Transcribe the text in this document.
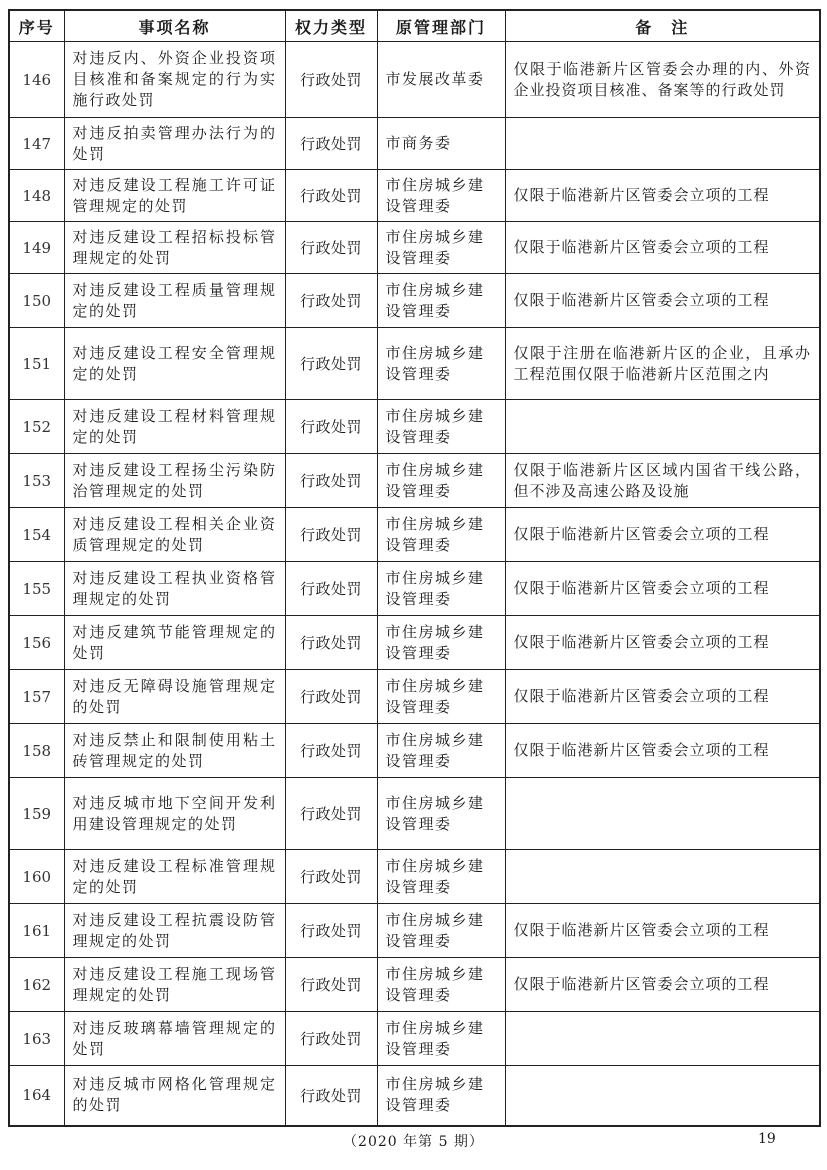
序号	事项名称	权力类型	原管理部门	备　注
146	对违反内、外资企业投资项目核准和备案规定的行为实施行政处罚	行政处罚	市发展改革委	仅限于临港新片区管委会办理的内、外资企业投资项目核准、备案等的行政处罚
147	对违反拍卖管理办法行为的处罚	行政处罚	市商务委	
148	对违反建设工程施工许可证管理规定的处罚	行政处罚	市住房城乡建设管理委	仅限于临港新片区管委会立项的工程
149	对违反建设工程招标投标管理规定的处罚	行政处罚	市住房城乡建设管理委	仅限于临港新片区管委会立项的工程
150	对违反建设工程质量管理规定的处罚	行政处罚	市住房城乡建设管理委	仅限于临港新片区管委会立项的工程
151	对违反建设工程安全管理规定的处罚	行政处罚	市住房城乡建设管理委	仅限于注册在临港新片区的企业，且承办工程范围仅限于临港新片区范围之内
152	对违反建设工程材料管理规定的处罚	行政处罚	市住房城乡建设管理委	
153	对违反建设工程扬尘污染防治管理规定的处罚	行政处罚	市住房城乡建设管理委	仅限于临港新片区区域内国省干线公路，但不涉及高速公路及设施
154	对违反建设工程相关企业资质管理规定的处罚	行政处罚	市住房城乡建设管理委	仅限于临港新片区管委会立项的工程
155	对违反建设工程执业资格管理规定的处罚	行政处罚	市住房城乡建设管理委	仅限于临港新片区管委会立项的工程
156	对违反建筑节能管理规定的处罚	行政处罚	市住房城乡建设管理委	仅限于临港新片区管委会立项的工程
157	对违反无障碍设施管理规定的处罚	行政处罚	市住房城乡建设管理委	仅限于临港新片区管委会立项的工程
158	对违反禁止和限制使用粘土砖管理规定的处罚	行政处罚	市住房城乡建设管理委	仅限于临港新片区管委会立项的工程
159	对违反城市地下空间开发利用建设管理规定的处罚	行政处罚	市住房城乡建设管理委	
160	对违反建设工程标准管理规定的处罚	行政处罚	市住房城乡建设管理委	
161	对违反建设工程抗震设防管理规定的处罚	行政处罚	市住房城乡建设管理委	仅限于临港新片区管委会立项的工程
162	对违反建设工程施工现场管理规定的处罚	行政处罚	市住房城乡建设管理委	仅限于临港新片区管委会立项的工程
163	对违反玻璃幕墙管理规定的处罚	行政处罚	市住房城乡建设管理委	
164	对违反城市网格化管理规定的处罚	行政处罚	市住房城乡建设管理委	
（2020 年第 5 期）	19
